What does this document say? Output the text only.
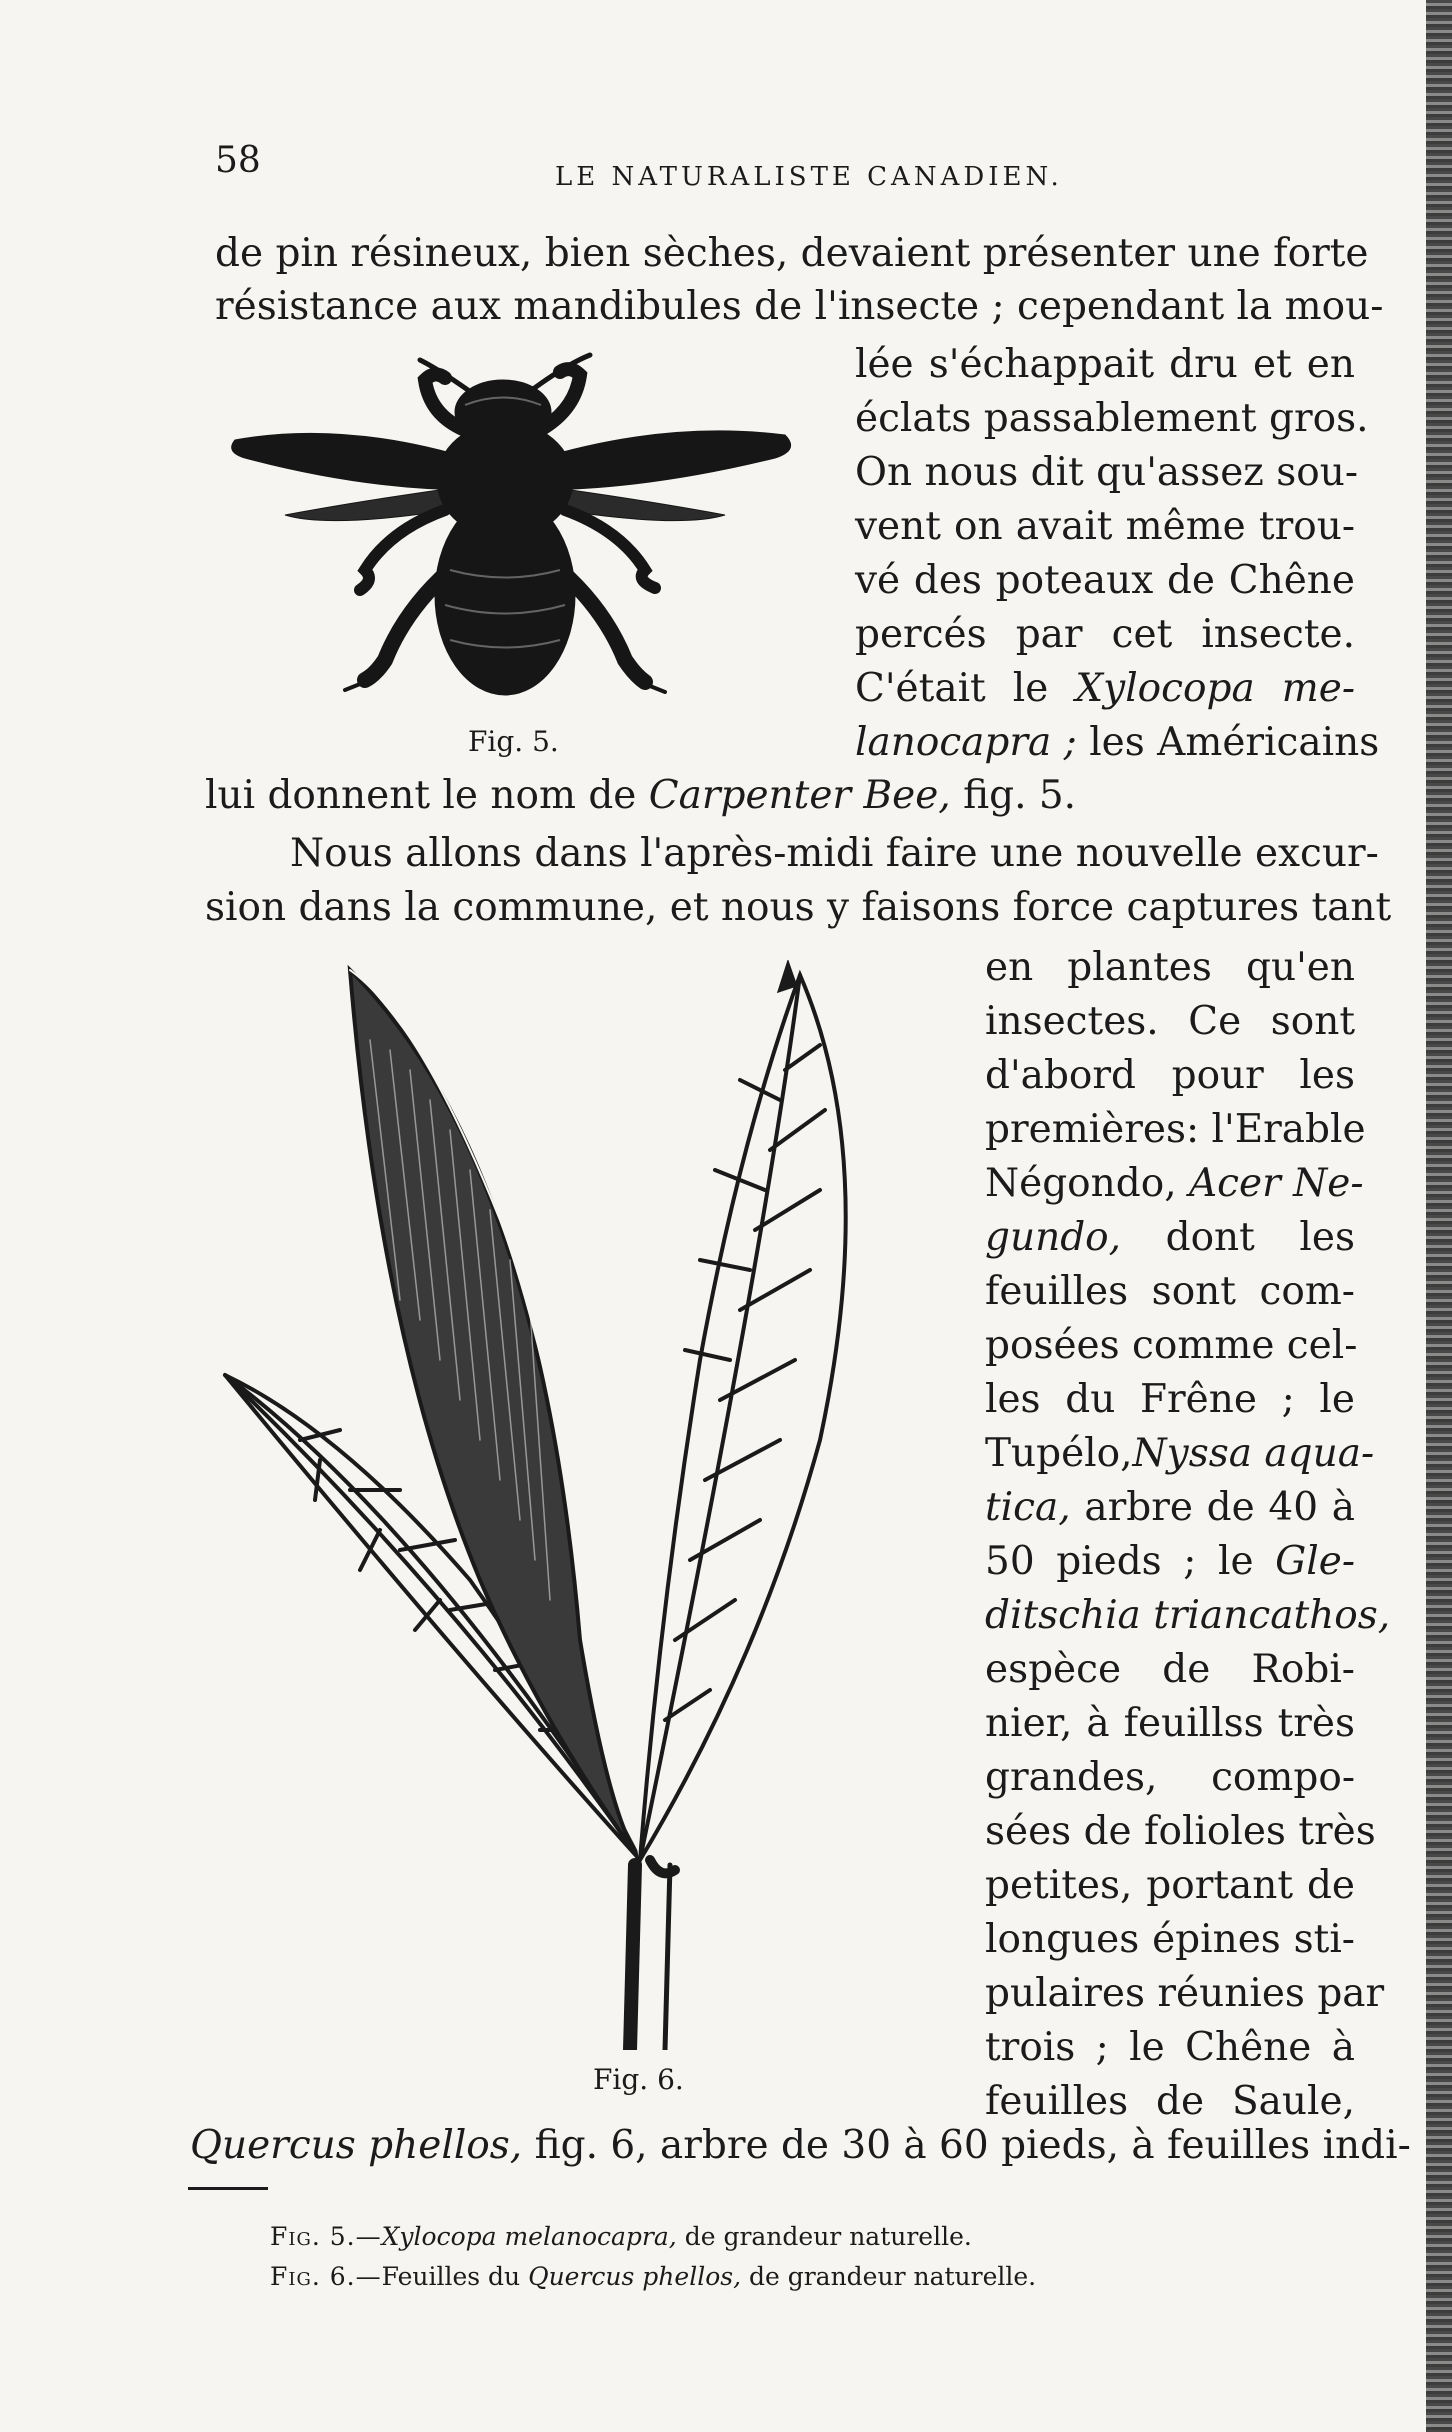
58	LE NATURALISTE CANADIEN.
de pin résineux, bien sèches, devaient présenter une forte
résistance aux mandibules de l'insecte ; cependant la mou-
lée s'échappait dru et en
éclats passablement gros.
On nous dit qu'assez sou-
vent on avait même trou-
vé des poteaux de Chêne
percés par cet insecte.
C'était le Xylocopa me-
lanocapra ; les Américains
lui donnent le nom de Carpenter Bee, fig. 5.
Fig. 5.
Nous allons dans l'après-midi faire une nouvelle excur-
sion dans la commune, et nous y faisons force captures tant
en plantes qu'en
insectes. Ce sont
d'abord pour les
premières: l'Erable
Négondo, Acer Ne-
gundo, dont les
feuilles sont com-
posées comme cel-
les du Frêne ; le
Tupélo,Nyssa aqua-
tica, arbre de 40 à
50 pieds ; le Gle-
ditschia triancathos,
espèce de Robi-
nier, à feuillss très
grandes, compo-
sées de folioles très
petites, portant de
longues épines sti-
pulaires réunies par
trois ; le Chêne à
feuilles de Saule,
Quercus phellos, fig. 6, arbre de 30 à 60 pieds, à feuilles indi-
Fig. 6.
Fig. 5.—Xylocopa melanocapra, de grandeur naturelle.
Fig. 6.—Feuilles du Quercus phellos, de grandeur naturelle.
